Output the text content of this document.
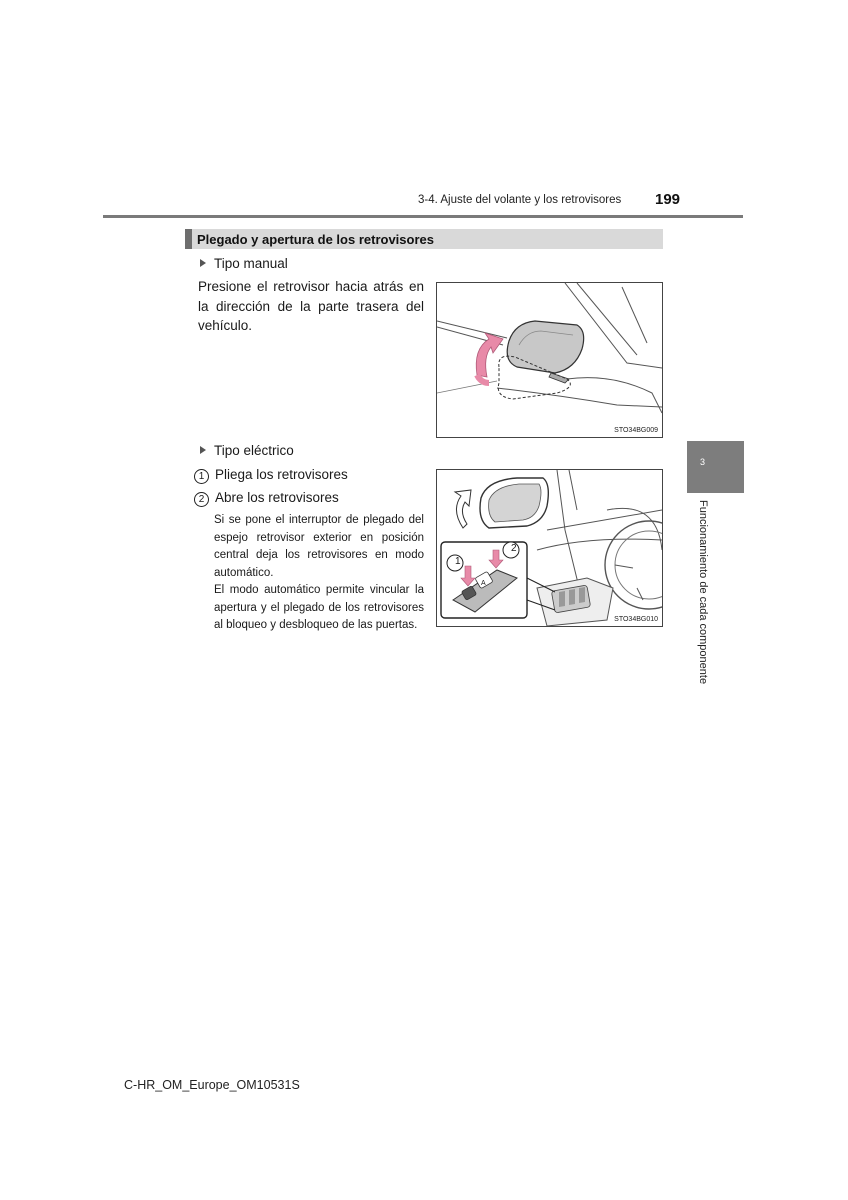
3-4. Ajuste del volante y los retrovisores 199
Plegado y apertura de los retrovisores
Tipo manual
Presione el retrovisor hacia atrás en la dirección de la parte trasera del vehículo.
STO34BG009
Tipo eléctrico
1 Pliega los retrovisores
2 Abre los retrovisores
Si se pone el interruptor de plegado del espejo retrovisor exterior en posición central deja los retrovisores en modo automático.
El modo automático permite vincular la apertura y el plegado de los retrovisores al bloqueo y desbloqueo de las puertas.
1
2
A
STO34BG010
3
Funcionamiento de cada componente
C-HR_OM_Europe_OM10531S
